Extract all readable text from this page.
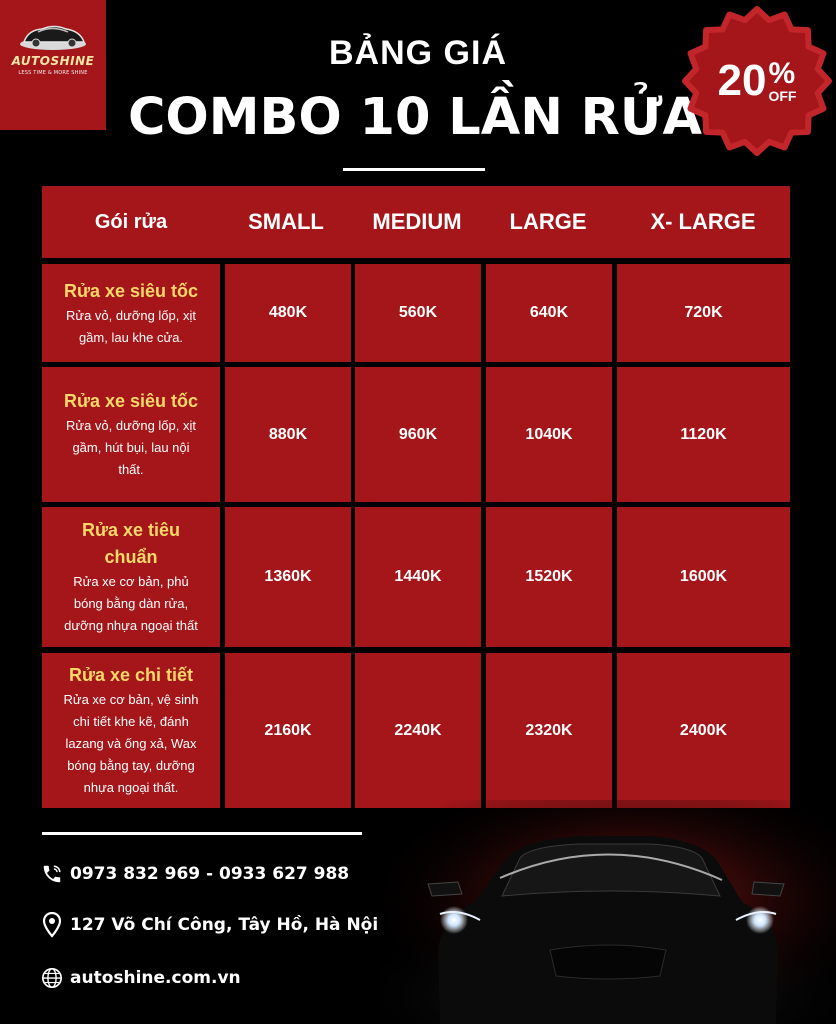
AUTOSHINE
LESS TIME & MORE SHINE
BẢNG GIÁ
COMBO 10 LẦN RỬA
20 %
OFF
Gói rửa	SMALL	MEDIUM	LARGE	X- LARGE
Rửa xe siêu tốc
Rửa vỏ, dưỡng lốp, xịt
gầm, lau khe cửa.
480K	560K	640K	720K
Rửa xe siêu tốc
Rửa vỏ, dưỡng lốp, xịt
gầm, hút bụi, lau nội
thất.
880K	960K	1040K	1120K
Rửa xe tiêu
chuẩn
Rửa xe cơ bản, phủ
bóng bằng dàn rửa,
dưỡng nhựa ngoại thất
1360K	1440K	1520K	1600K
Rửa xe chi tiết
Rửa xe cơ bản, vệ sinh
chi tiết khe kẽ, đánh
lazang và ống xả, Wax
bóng bằng tay, dưỡng
nhựa ngoại thất.
2160K	2240K	2320K	2400K
0973 832 969 - 0933 627 988
127 Võ Chí Công, Tây Hồ, Hà Nội
autoshine.com.vn
